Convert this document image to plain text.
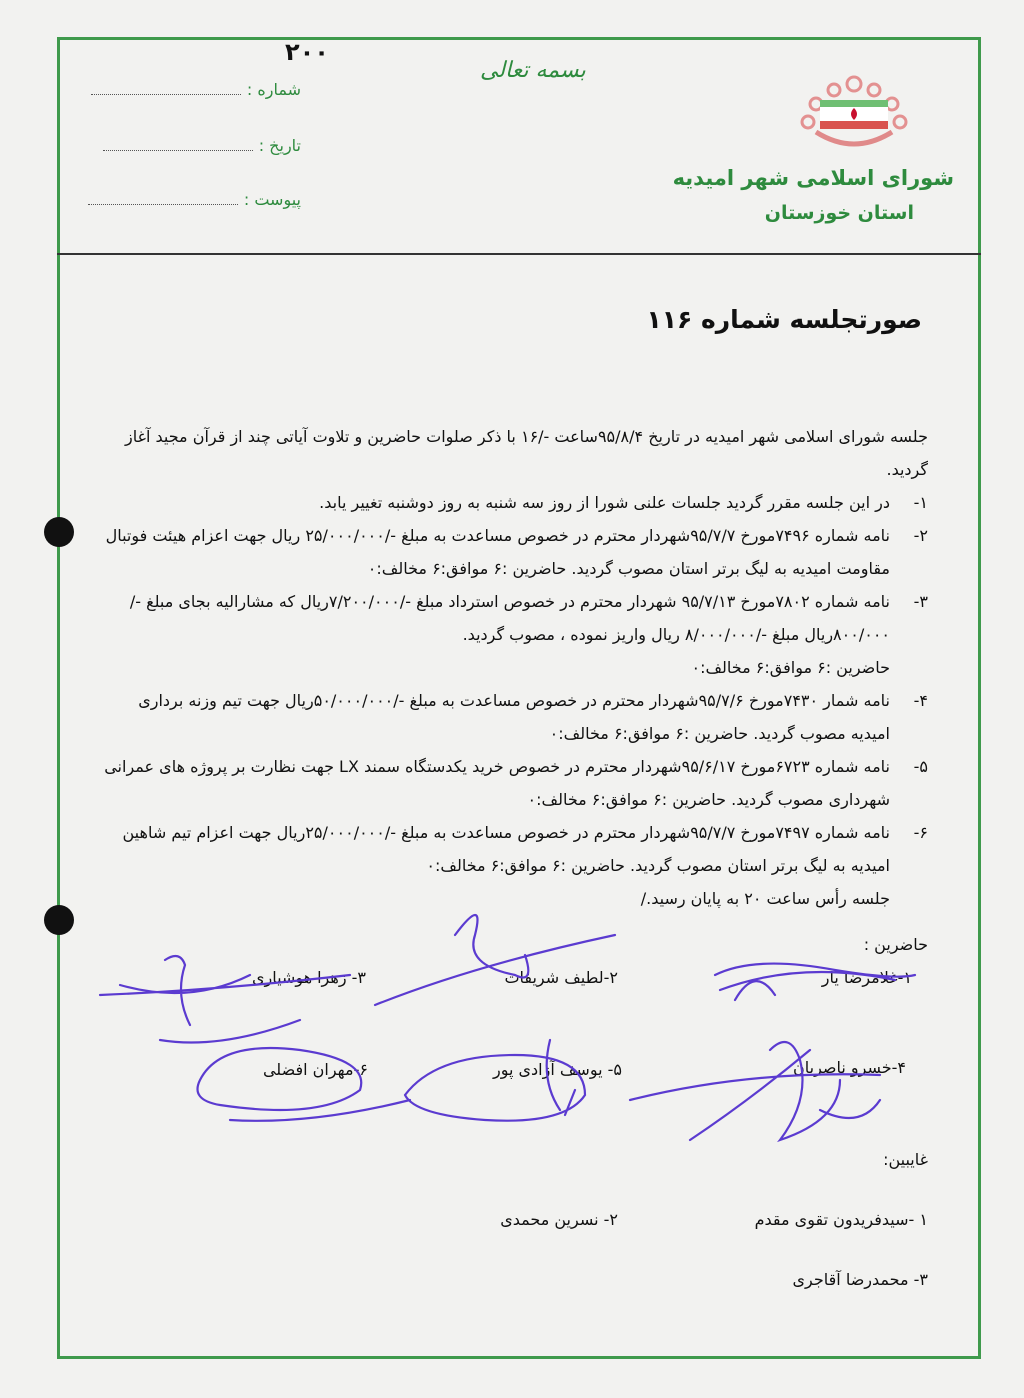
۲۰۰
بسمه تعالی
شماره :
تاریخ :
پیوست :
شورای اسلامی شهر امیدیه
استان خوزستان
صورتجلسه شماره ۱۱۶

جلسه شورای اسلامی شهر امیدیه در تاریخ ۹۵/۸/۴ساعت -/۱۶ با ذکر صلوات حاضرین و تلاوت آیاتی چند از قرآن مجید آغاز گردید.

۱-
در این جلسه مقرر گردید جلسات علنی شورا از روز سه شنبه به روز دوشنبه تغییر یابد.
۲-
نامه شماره ۷۴۹۶مورخ ۹۵/۷/۷شهردار محترم در خصوص مساعدت به مبلغ -/۲۵/۰۰۰/۰۰۰ ریال جهت اعزام هیئت فوتبال مقاومت امیدیه به لیگ برتر استان مصوب گردید. حاضرین :۶ موافق:۶ مخالف:۰
۳-
نامه شماره ۷۸۰۲مورخ ۹۵/۷/۱۳ شهردار محترم در خصوص استرداد مبلغ -/۷/۲۰۰/۰۰۰ریال که مشارالیه بجای مبلغ -/۸۰۰/۰۰۰ریال مبلغ -/۸/۰۰۰/۰۰۰ ریال واریز نموده ، مصوب گردید.

حاضرین :۶ موافق:۶ مخالف:۰

۴-
نامه شمار ۷۴۳۰مورخ ۹۵/۷/۶شهردار محترم در خصوص مساعدت به مبلغ -/۵۰/۰۰۰/۰۰۰ریال جهت تیم وزنه برداری امیدیه مصوب گردید. حاضرین :۶ موافق:۶ مخالف:۰
۵-
نامه شماره ۶۷۲۳مورخ ۹۵/۶/۱۷شهردار محترم در خصوص خرید یکدستگاه سمند LX جهت نظارت بر پروژه های عمرانی شهرداری مصوب گردید. حاضرین :۶ موافق:۶ مخالف:۰
۶-
نامه شماره ۷۴۹۷مورخ ۹۵/۷/۷شهردار محترم در خصوص مساعدت به مبلغ -/۲۵/۰۰۰/۰۰۰ریال جهت اعزام تیم شاهین امیدیه به لیگ برتر استان مصوب گردید. حاضرین :۶ موافق:۶ مخالف:۰

جلسه رأس ساعت ۲۰ به پایان رسید./

حاضرین :
۱-غلامرضا یار
۲-لطیف شریفات
۳- زهرا هوشیاری
۴-خسرو ناصریان
۵- یوسف آزادی پور
۶-مهران افضلی
غایبین:
۱ -سیدفریدون تقوی مقدم
۲- نسرین محمدی
۳- محمدرضا آقاجری
